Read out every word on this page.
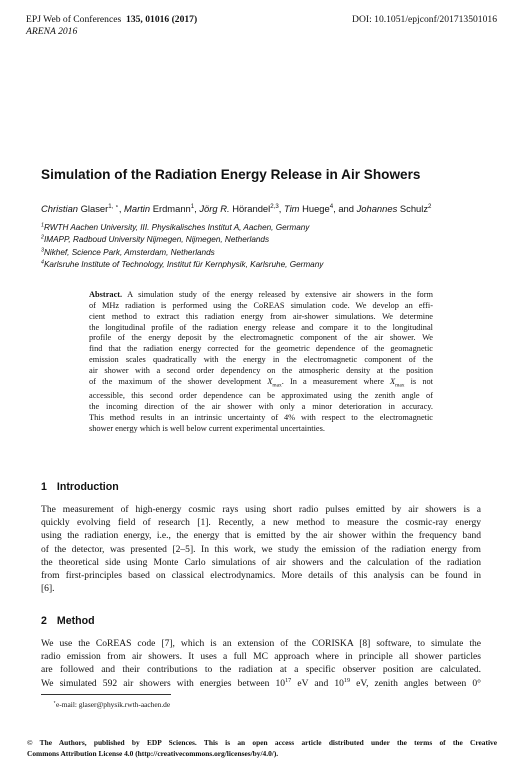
EPJ Web of Conferences 135, 01016 (2017)	DOI: 10.1051/epjconf/201713501016
ARENA 2016
Simulation of the Radiation Energy Release in Air Showers
Christian Glaser$^{1, ⋆}$, Martin Erdmann$^1$, Jörg R. Hörandel$^{2,3}$, Tim Huege$^4$, and Johannes Schulz$^2$
$^1$RWTH Aachen University, III. Physikalisches Institut A, Aachen, Germany
$^2$IMAPP, Radboud University Nijmegen, Nijmegen, Netherlands
$^3$Nikhef, Science Park, Amsterdam, Netherlands
$^4$Karlsruhe Institute of Technology, Institut für Kernphysik, Karlsruhe, Germany
Abstract. A simulation study of the energy released by extensive air showers in the form
of MHz radiation is performed using the CoREAS simulation code. We develop an effi-
cient method to extract this radiation energy from air-shower simulations. We determine
the longitudinal profile of the radiation energy release and compare it to the longitudinal
profile of the energy deposit by the electromagnetic component of the air shower. We
find that the radiation energy corrected for the geometric dependence of the geomagnetic
emission scales quadratically with the energy in the electromagnetic component of the
air shower with a second order dependency on the atmospheric density at the position
of the maximum of the shower development $X_{max}$. In a measurement where $X_{max}$ is not
accessible, this second order dependence can be approximated using the zenith angle of
the incoming direction of the air shower with only a minor deterioration in accuracy.
This method results in an intrinsic uncertainty of 4% with respect to the electromagnetic
shower energy which is well below current experimental uncertainties.
1 Introduction
The measurement of high-energy cosmic rays using short radio pulses emitted by air showers is a
quickly evolving field of research [1]. Recently, a new method to measure the cosmic-ray energy
using the radiation energy, i.e., the energy that is emitted by the air shower within the frequency band
of the detector, was presented [2–5]. In this work, we study the emission of the radiation energy from
the theoretical side using Monte Carlo simulations of air showers and the calculation of the radiation
from first-principles based on classical electrodynamics. More details of this analysis can be found in
[6].
2 Method
We use the CoREAS code [7], which is an extension of the CORISKA [8] software, to simulate the
radio emission from air showers. It uses a full MC approach where in principle all shower particles
are followed and their contributions to the radiation at a specific observer position are calculated.
We simulated 592 air showers with energies between $10^{17}$ eV and $10^{19}$ eV, zenith angles between 0°
⋆e-mail: glaser@physik.rwth-aachen.de
© The Authors, published by EDP Sciences. This is an open access article distributed under the terms of the Creative
Commons Attribution License 4.0 (http://creativecommons.org/licenses/by/4.0/).
